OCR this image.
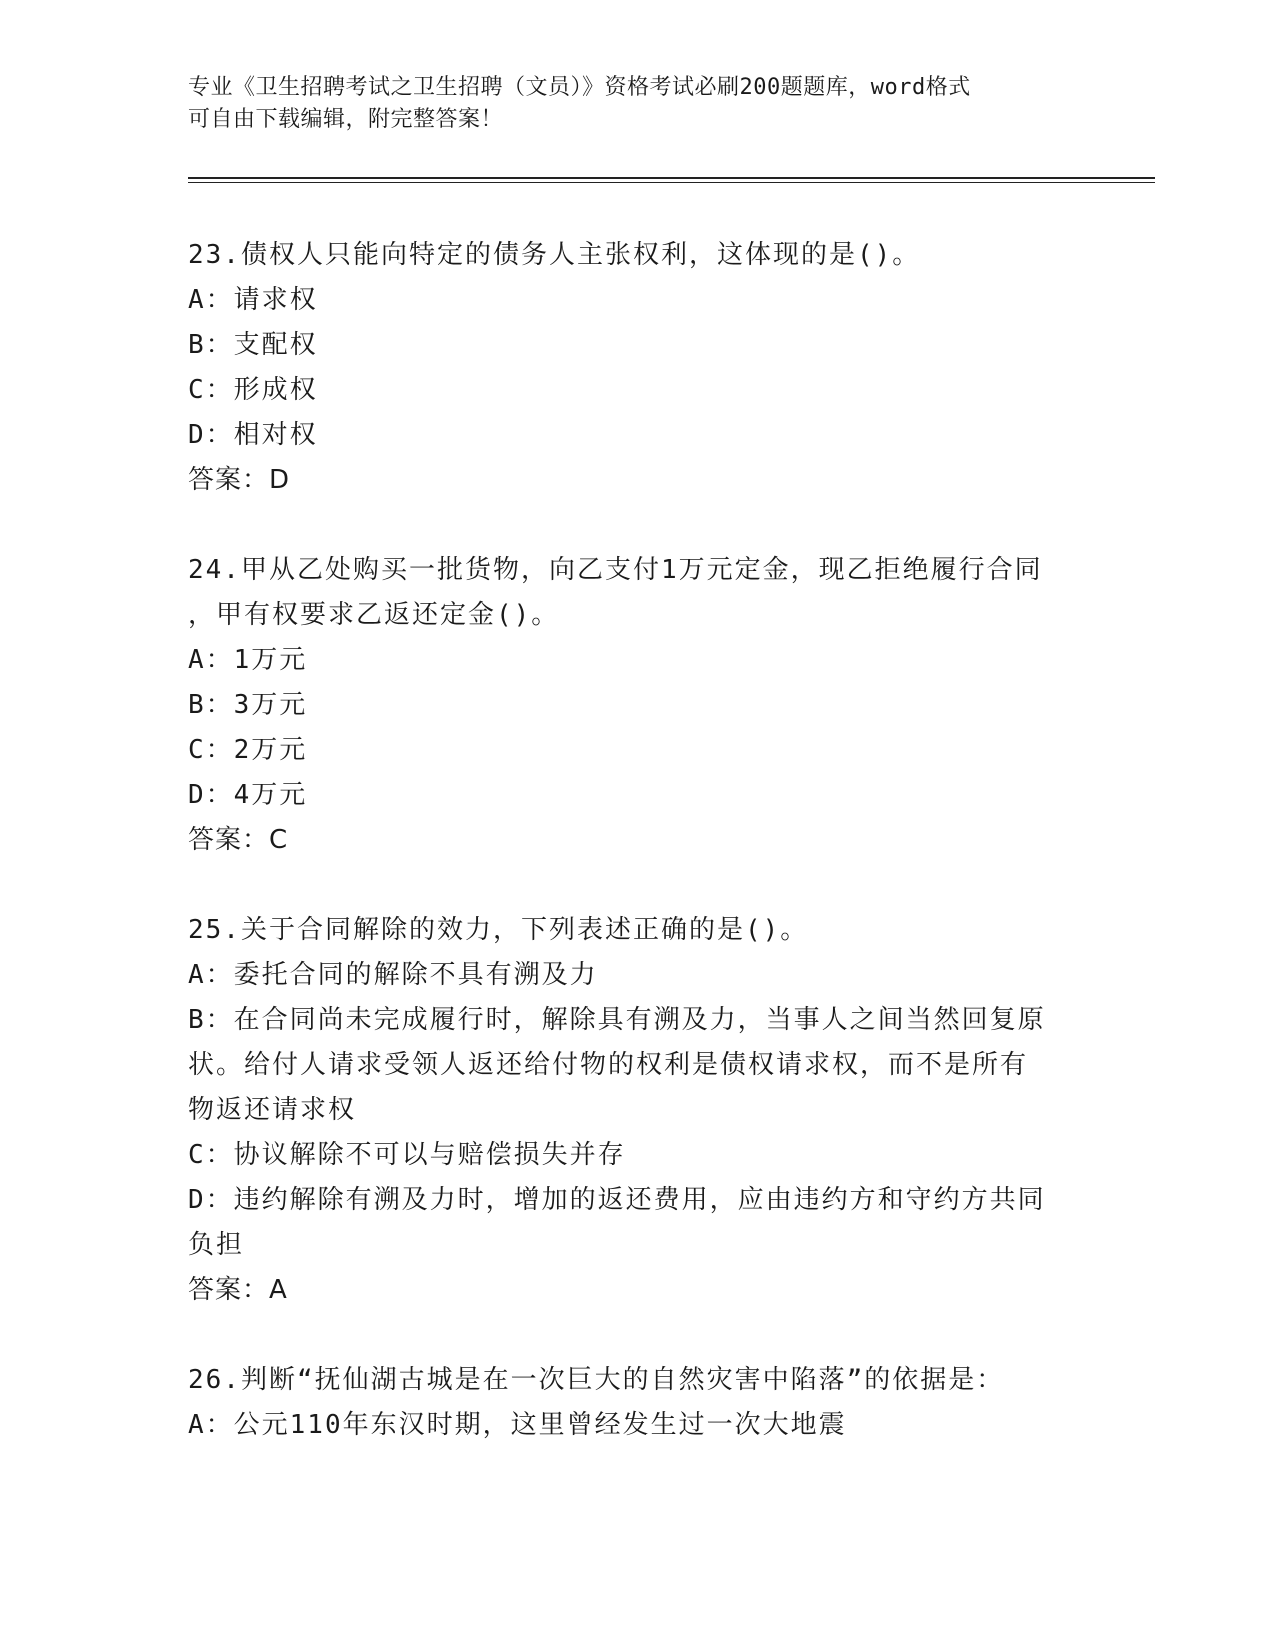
专业《卫生招聘考试之卫生招聘（文员）》资格考试必刷200题题库，word格式
可自由下载编辑，附完整答案！
23.债权人只能向特定的债务人主张权利，这体现的是()。
A：请求权
B：支配权
C：形成权
D：相对权
答案：D
24.甲从乙处购买一批货物，向乙支付1万元定金，现乙拒绝履行合同
，甲有权要求乙返还定金()。
A：1万元
B：3万元
C：2万元
D：4万元
答案：C
25.关于合同解除的效力，下列表述正确的是()。
A：委托合同的解除不具有溯及力
B：在合同尚未完成履行时，解除具有溯及力，当事人之间当然回复原
状。给付人请求受领人返还给付物的权利是债权请求权，而不是所有
物返还请求权
C：协议解除不可以与赔偿损失并存
D：违约解除有溯及力时，增加的返还费用，应由违约方和守约方共同
负担
答案：A
26.判断“抚仙湖古城是在一次巨大的自然灾害中陷落”的依据是：
A：公元110年东汉时期，这里曾经发生过一次大地震
